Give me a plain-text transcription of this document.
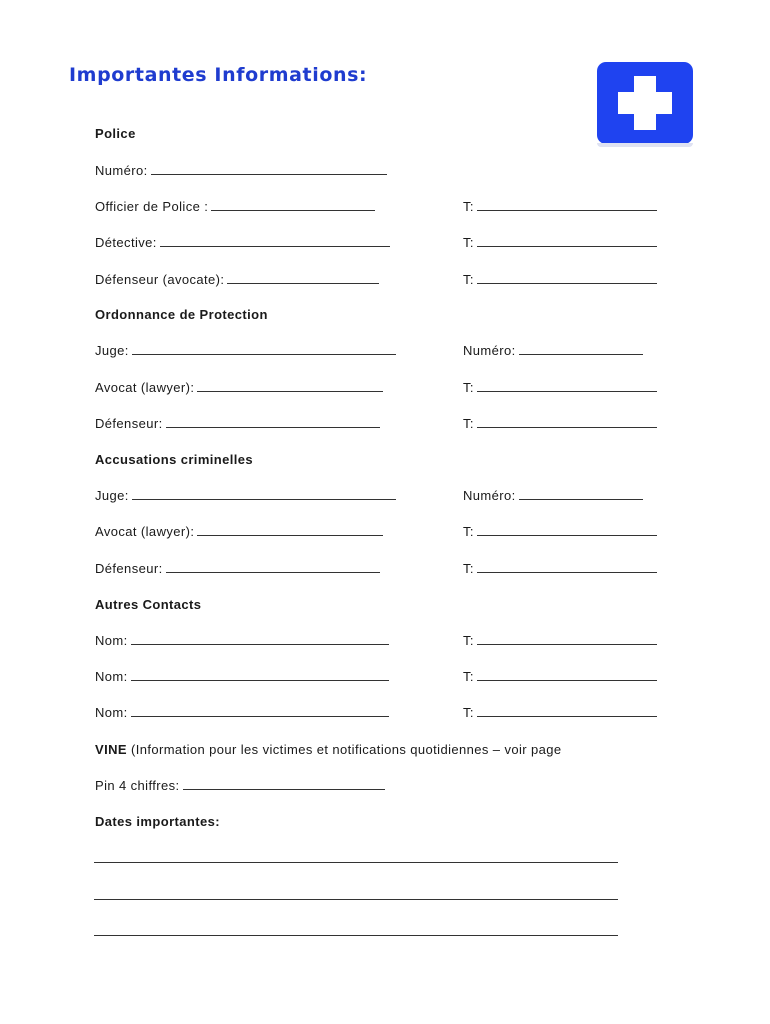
Importantes Informations:
Police
Numéro:
Officier de Police :	T:
Détective:	T:
Défenseur (avocate):	T:
Ordonnance de Protection
Juge:	Numéro:
Avocat (lawyer):	T:
Défenseur:	T:
Accusations criminelles
Juge:	Numéro:
Avocat (lawyer):	T:
Défenseur:	T:
Autres Contacts
Nom:	T:
Nom:	T:
Nom:	T:
VINE (Information pour les victimes et notifications quotidiennes – voir page
Pin 4 chiffres:
Dates importantes:
